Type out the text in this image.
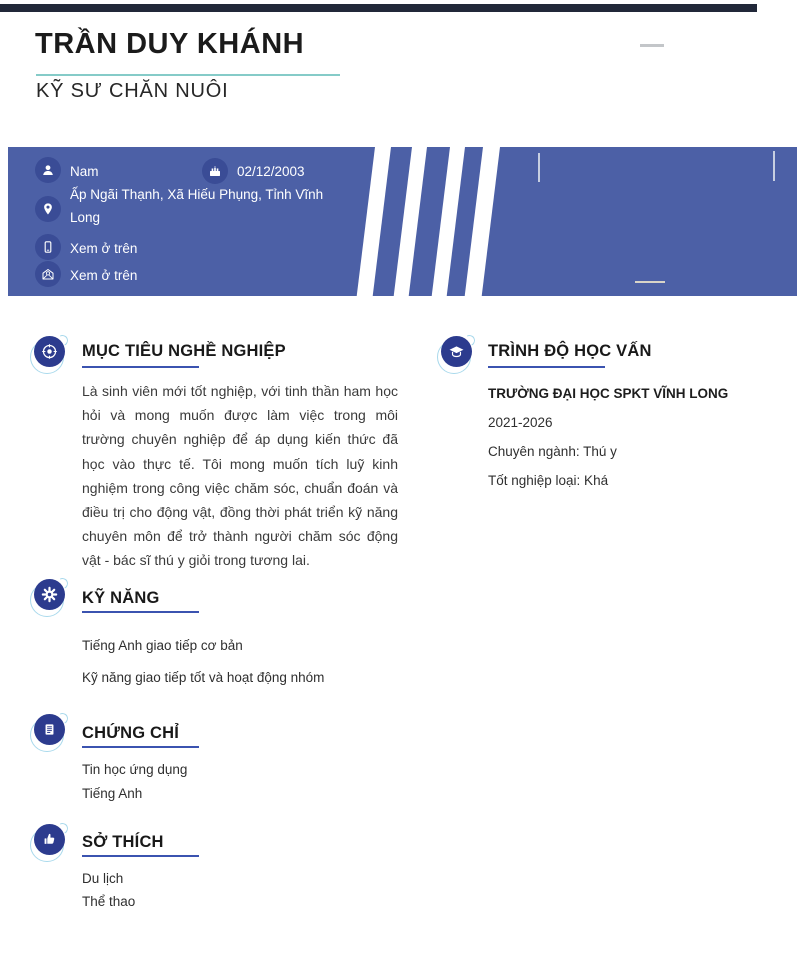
TRẦN DUY KHÁNH
KỸ SƯ CHĂN NUÔI
Nam	02/12/2003
Ấp Ngãi Thạnh, Xã Hiếu Phụng, Tỉnh Vĩnh Long
Xem ở trên
Xem ở trên
MỤC TIÊU NGHỀ NGHIỆP
Là sinh viên mới tốt nghiệp, với tinh thần ham học hỏi và mong muốn được làm việc trong môi trường chuyên nghiệp để áp dụng kiến thức đã học vào thực tế. Tôi mong muốn tích luỹ kinh nghiệm trong công việc chăm sóc, chuẩn đoán và điều trị cho động vật, đồng thời phát triển kỹ năng chuyên môn để trở thành người chăm sóc động vật - bác sĩ thú y giỏi trong tương lai.
TRÌNH ĐỘ HỌC VẤN
TRƯỜNG ĐẠI HỌC SPKT VĨNH LONG
2021-2026
Chuyên ngành: Thú y
Tốt nghiệp loại: Khá
KỸ NĂNG
Tiếng Anh giao tiếp cơ bản
Kỹ năng giao tiếp tốt và hoạt động nhóm
CHỨNG CHỈ
Tin học ứng dụng
Tiếng Anh
SỞ THÍCH
Du lịch
Thể thao
